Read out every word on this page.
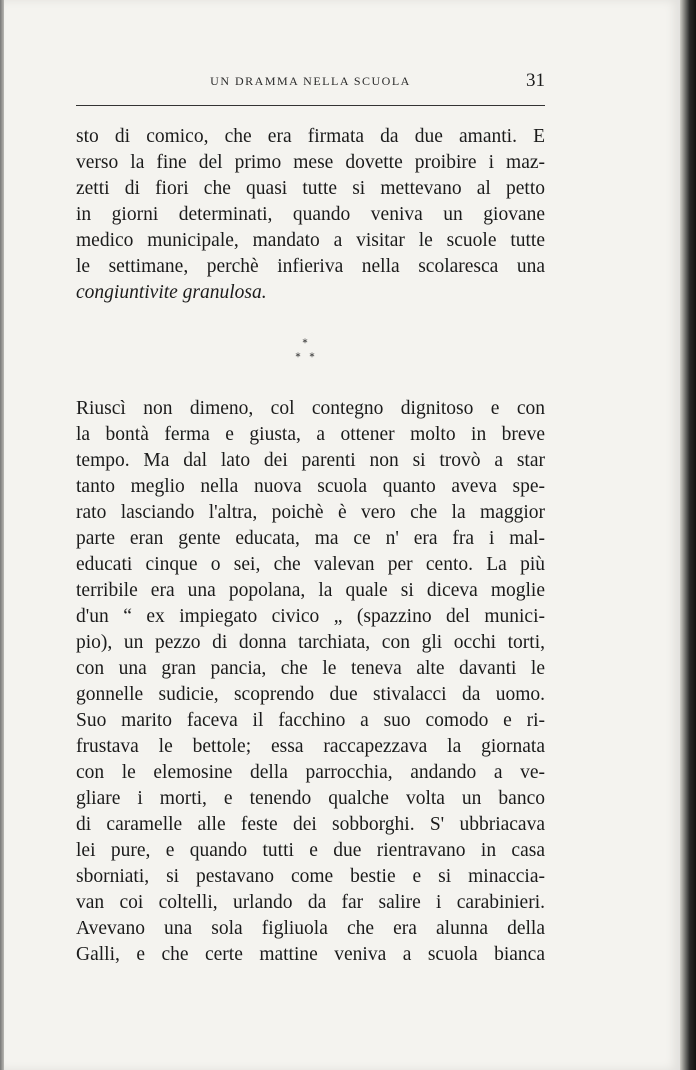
UN DRAMMA NELLA SCUOLA	31
sto di comico, che era firmata da due amanti. E
verso la fine del primo mese dovette proibire i maz-
zetti di fiori che quasi tutte si mettevano al petto
in giorni determinati, quando veniva un giovane
medico municipale, mandato a visitar le scuole tutte
le settimane, perchè infieriva nella scolaresca una
congiuntivite granulosa.
*
* *
Riuscì non dimeno, col contegno dignitoso e con
la bontà ferma e giusta, a ottener molto in breve
tempo. Ma dal lato dei parenti non si trovò a star
tanto meglio nella nuova scuola quanto aveva spe-
rato lasciando l'altra, poichè è vero che la maggior
parte eran gente educata, ma ce n' era fra i mal-
educati cinque o sei, che valevan per cento. La più
terribile era una popolana, la quale si diceva moglie
d'un “ ex impiegato civico „ (spazzino del munici-
pio), un pezzo di donna tarchiata, con gli occhi torti,
con una gran pancia, che le teneva alte davanti le
gonnelle sudicie, scoprendo due stivalacci da uomo.
Suo marito faceva il facchino a suo comodo e ri-
frustava le bettole; essa raccapezzava la giornata
con le elemosine della parrocchia, andando a ve-
gliare i morti, e tenendo qualche volta un banco
di caramelle alle feste dei sobborghi. S' ubbriacava
lei pure, e quando tutti e due rientravano in casa
sborniati, si pestavano come bestie e si minaccia-
van coi coltelli, urlando da far salire i carabinieri.
Avevano una sola figliuola che era alunna della
Galli, e che certe mattine veniva a scuola bianca
